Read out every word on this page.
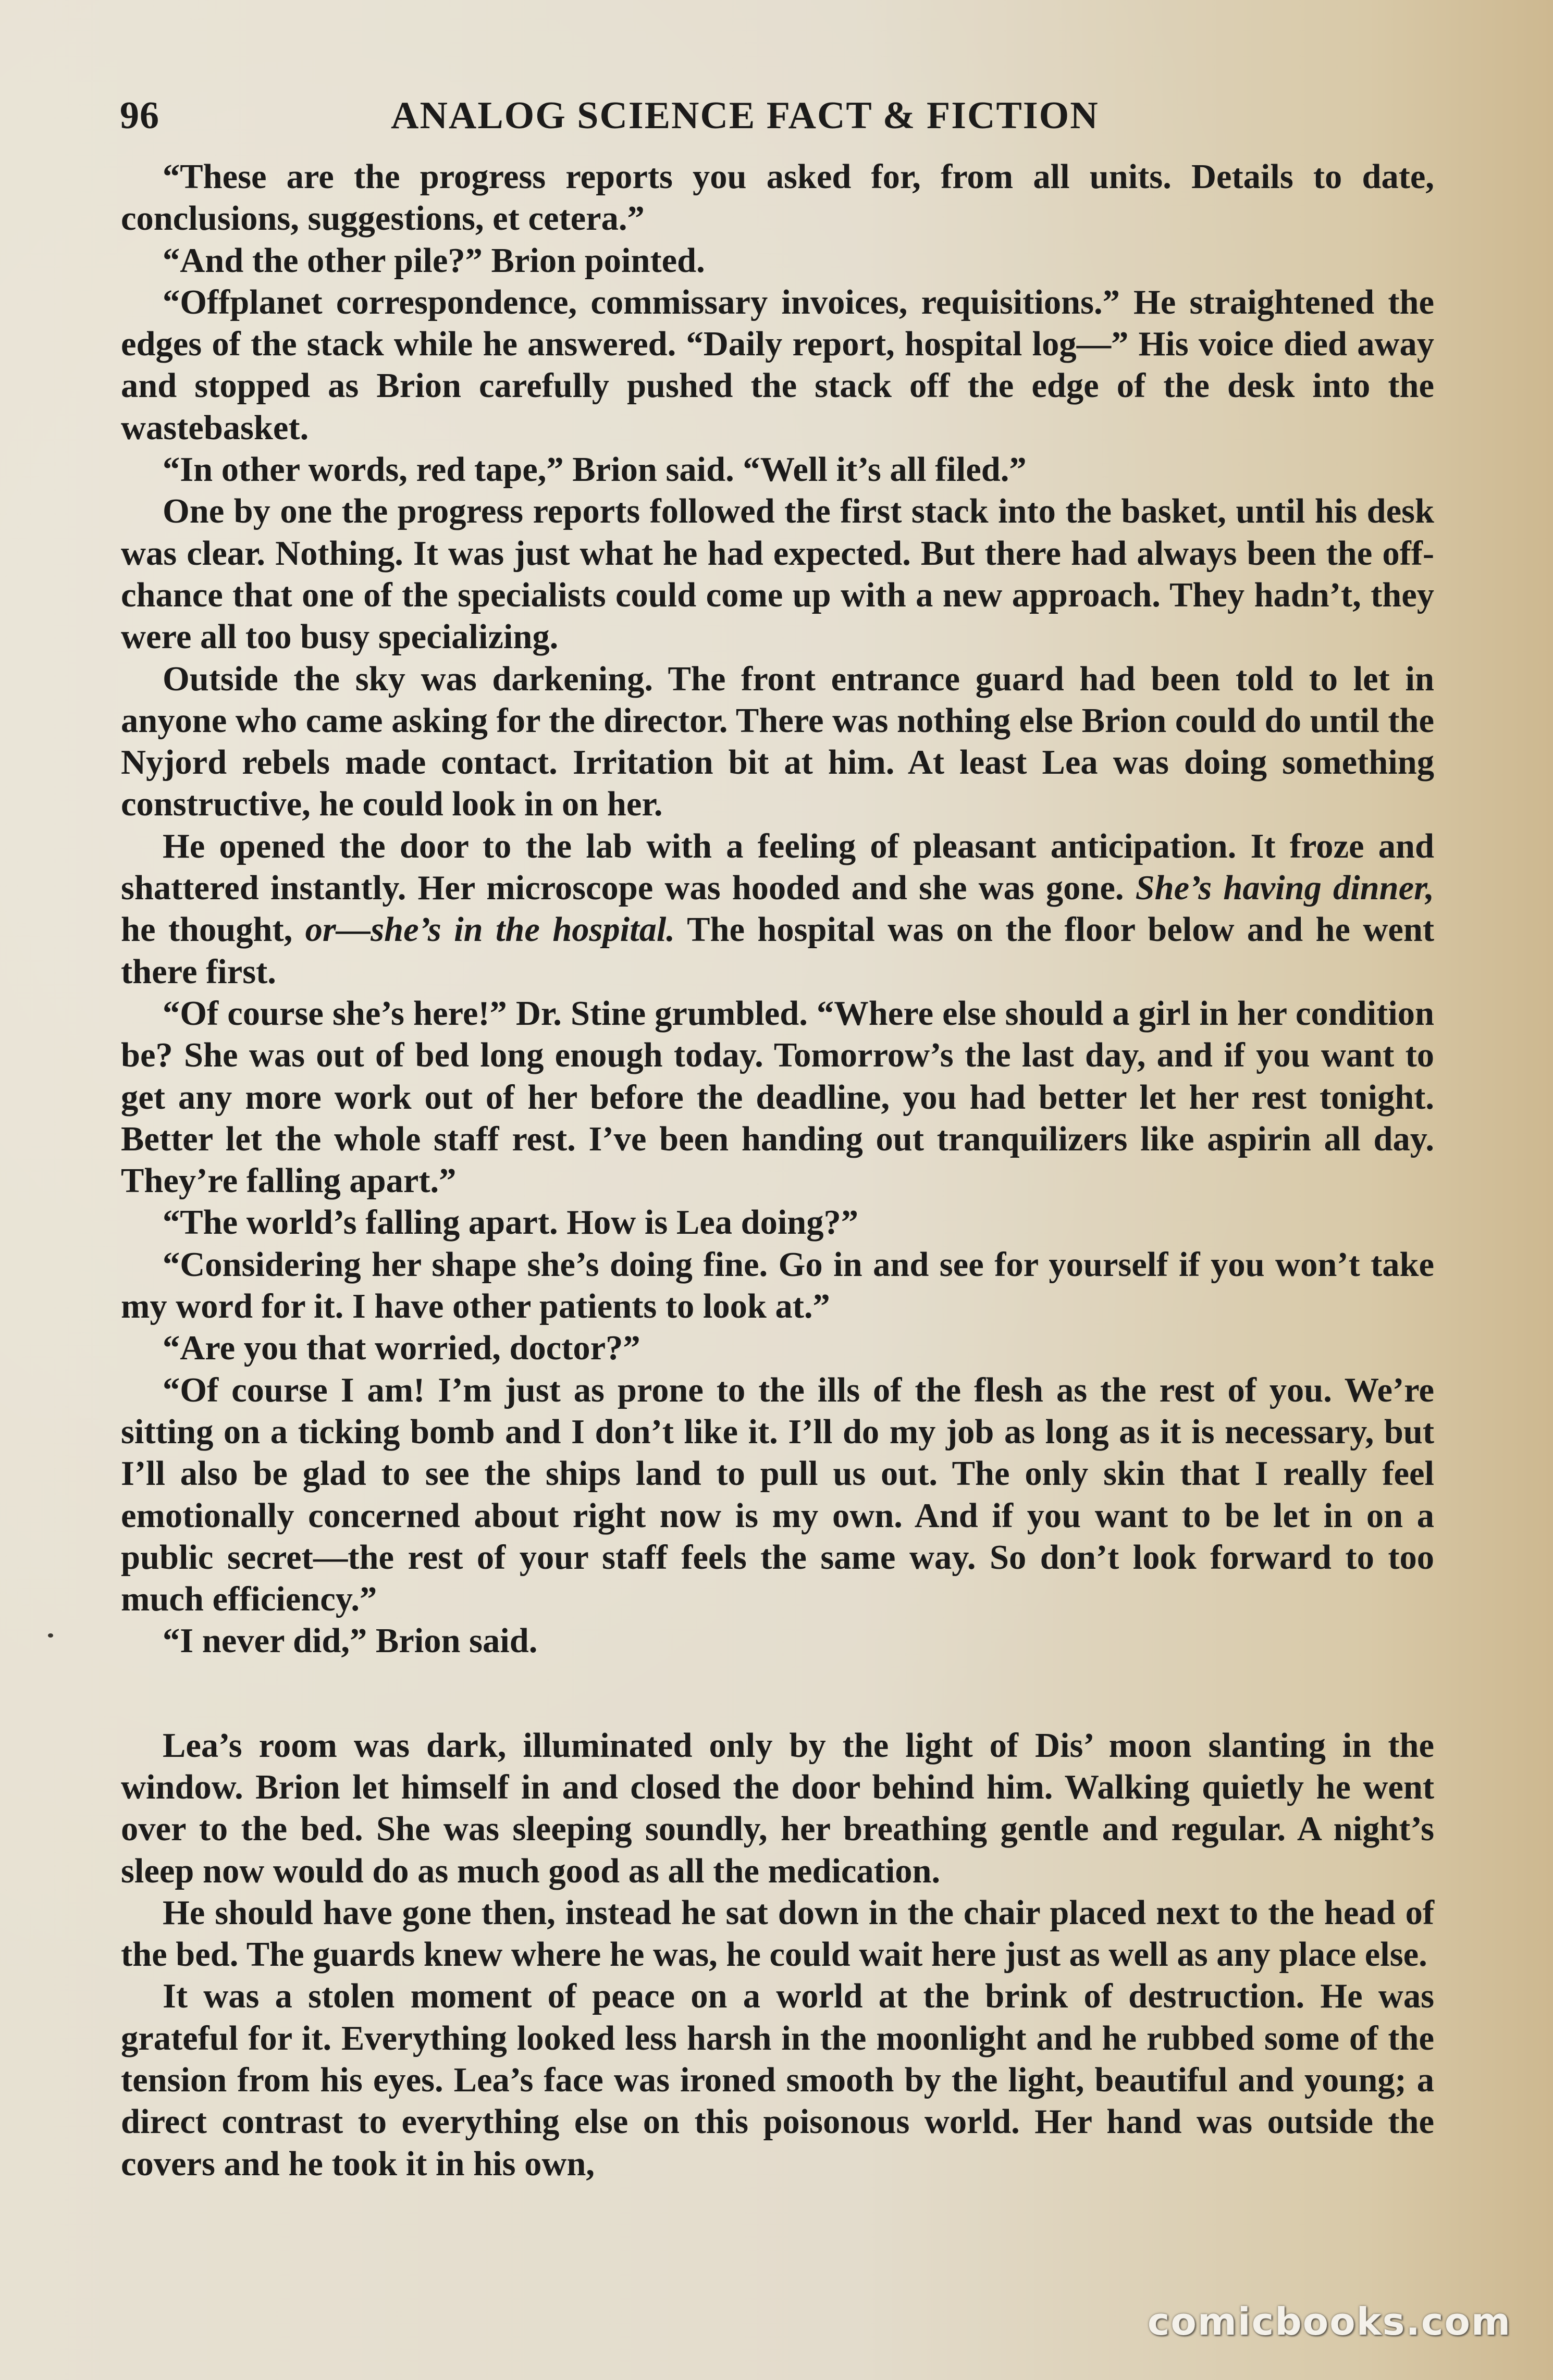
96	ANALOG SCIENCE FACT & FICTION

“These are the progress reports you asked for, from all units. Details to date, conclusions, suggestions, et cetera.”

“And the other pile?” Brion pointed.

“Offplanet correspondence, commissary invoices, requisitions.” He straightened the edges of the stack while he answered. “Daily report, hospital log—” His voice died away and stopped as Brion carefully pushed the stack off the edge of the desk into the wastebasket.

“In other words, red tape,” Brion said. “Well it’s all filed.”

One by one the progress reports followed the first stack into the basket, until his desk was clear. Nothing. It was just what he had expected. But there had always been the off-chance that one of the specialists could come up with a new approach. They hadn’t, they were all too busy specializing.

Outside the sky was darkening. The front entrance guard had been told to let in anyone who came asking for the director. There was nothing else Brion could do until the Nyjord rebels made contact. Irritation bit at him. At least Lea was doing something constructive, he could look in on her.

He opened the door to the lab with a feeling of pleasant anticipation. It froze and shattered instantly. Her microscope was hooded and she was gone. She’s having dinner, he thought, or—she’s in the hospital. The hospital was on the floor below and he went there first.

“Of course she’s here!” Dr. Stine grumbled. “Where else should a girl in her condition be? She was out of bed long enough today. Tomorrow’s the last day, and if you want to get any more work out of her before the deadline, you had better let her rest tonight. Better let the whole staff rest. I’ve been handing out tranquilizers like aspirin all day. They’re falling apart.”

“The world’s falling apart. How is Lea doing?”

“Considering her shape she’s doing fine. Go in and see for yourself if you won’t take my word for it. I have other patients to look at.”

“Are you that worried, doctor?”

“Of course I am! I’m just as prone to the ills of the flesh as the rest of you. We’re sitting on a ticking bomb and I don’t like it. I’ll do my job as long as it is necessary, but I’ll also be glad to see the ships land to pull us out. The only skin that I really feel emotionally concerned about right now is my own. And if you want to be let in on a public secret—the rest of your staff feels the same way. So don’t look forward to too much efficiency.”

“I never did,” Brion said.

Lea’s room was dark, illuminated only by the light of Dis’ moon slanting in the window. Brion let himself in and closed the door behind him. Walking quietly he went over to the bed. She was sleeping soundly, her breathing gentle and regular. A night’s sleep now would do as much good as all the medication.

He should have gone then, instead he sat down in the chair placed next to the head of the bed. The guards knew where he was, he could wait here just as well as any place else.

It was a stolen moment of peace on a world at the brink of destruction. He was grateful for it. Everything looked less harsh in the moonlight and he rubbed some of the tension from his eyes. Lea’s face was ironed smooth by the light, beautiful and young; a direct contrast to everything else on this poisonous world. Her hand was outside the covers and he took it in his own,

comicbooks.com
